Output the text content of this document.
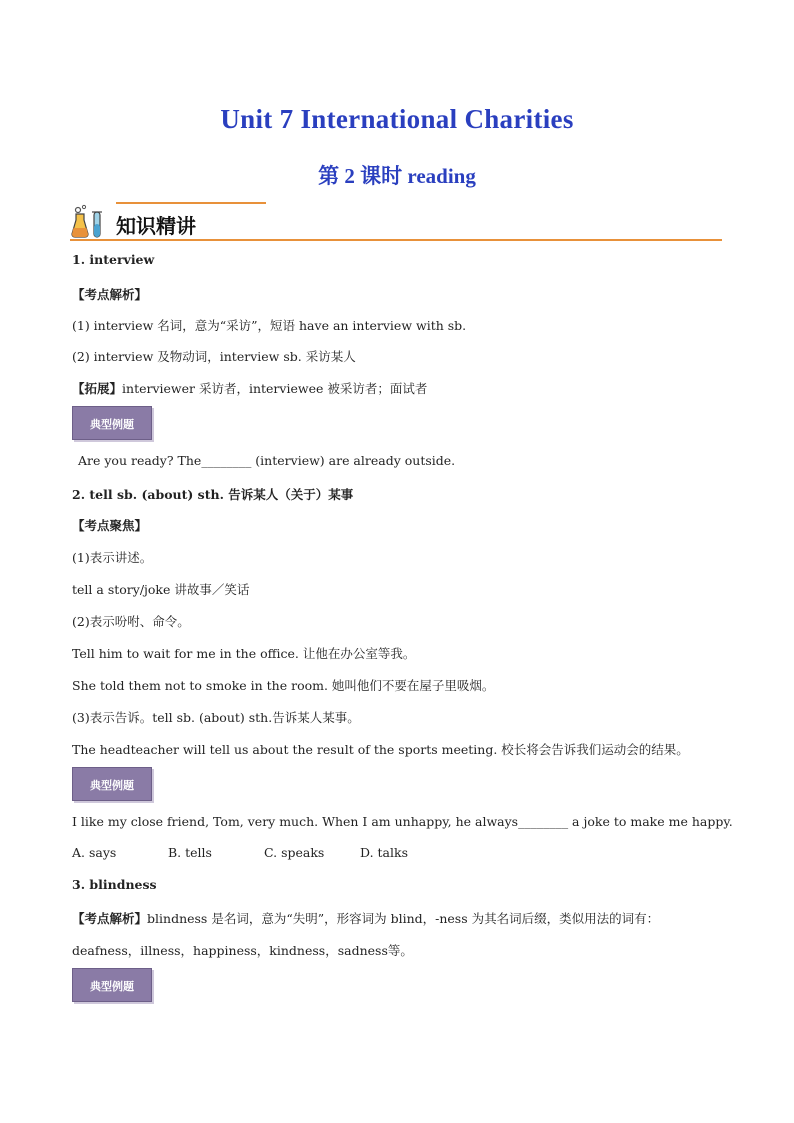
Unit 7 International Charities
第 2 课时 reading
知识精讲
1. interview
【考点解析】
(1) interview 名词，意为“采访”，短语 have an interview with sb.
(2) interview 及物动词，interview sb. 采访某人
【拓展】interviewer 采访者，interviewee 被采访者；面试者
典型例题
Are you ready? The________ (interview) are already outside.
2. tell sb. (about) sth. 告诉某人（关于）某事
【考点聚焦】
(1)表示讲述。
tell a story/joke 讲故事／笑话
(2)表示吩咐、命令。
Tell him to wait for me in the office. 让他在办公室等我。
She told them not to smoke in the room. 她叫他们不要在屋子里吸烟。
(3)表示告诉。tell sb. (about) sth.告诉某人某事。
The headteacher will tell us about the result of the sports meeting. 校长将会告诉我们运动会的结果。
典型例题
I like my close friend, Tom, very much. When I am unhappy, he always________ a joke to make me happy.
A. says	B. tells	C. speaks	D. talks
3. blindness
【考点解析】blindness 是名词，意为“失明”，形容词为 blind，-ness 为其名词后缀，类似用法的词有：
deafness，illness，happiness，kindness，sadness等。
典型例题
